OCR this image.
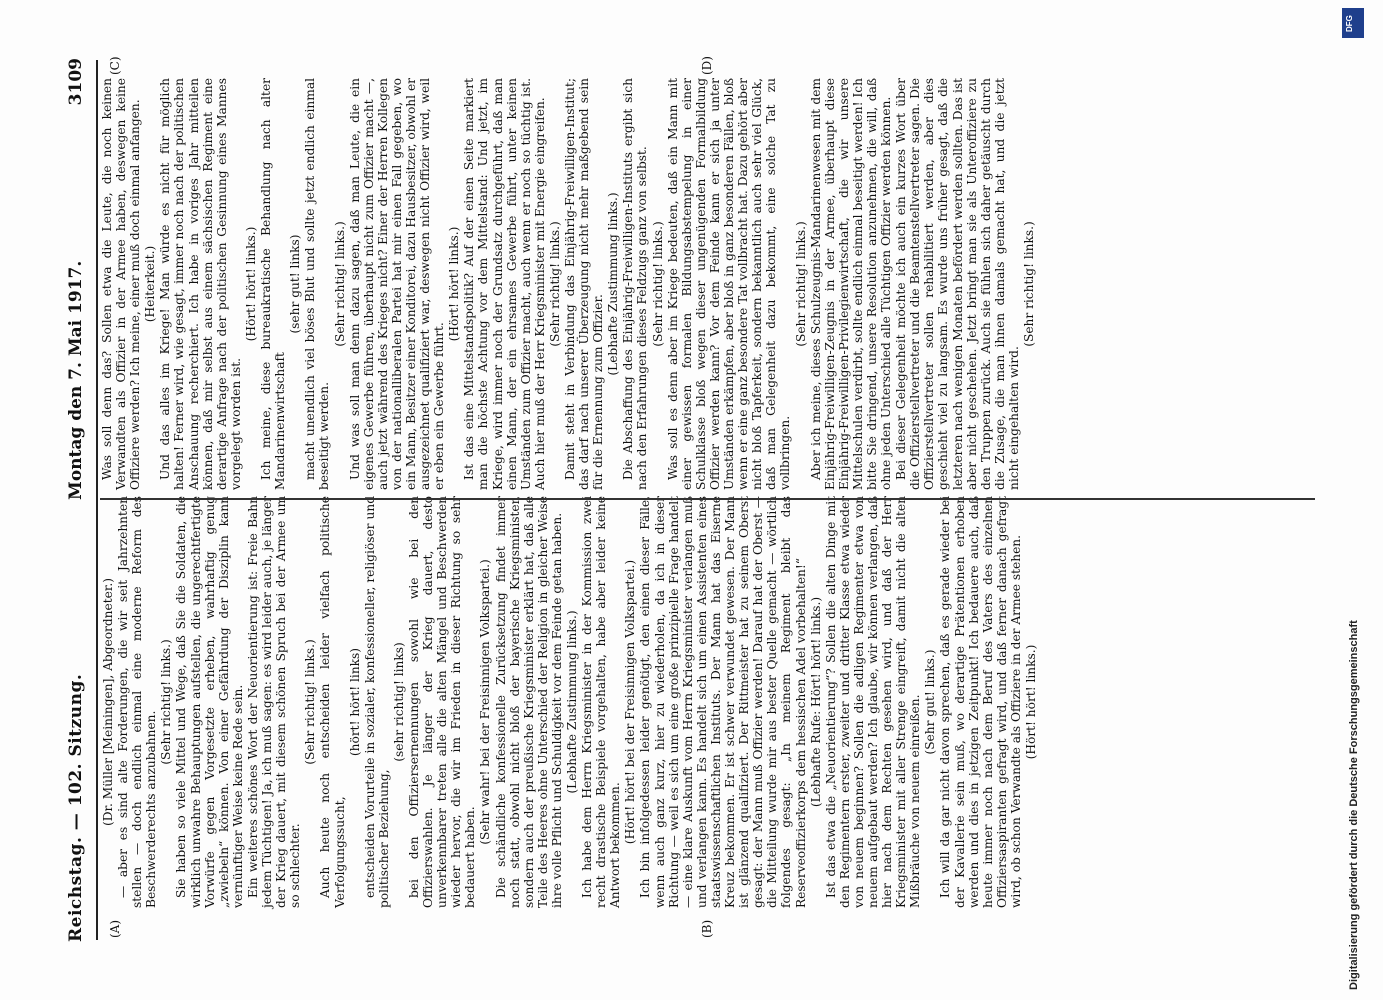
Reichstag. — 102. Sitzung.
Montag den 7. Mai 1917.
3109
(A)	(B)
(C)	(D)

(Dr. Müller [Meiningen], Abgeordneter.) — aber es sind alte Forderungen, die wir seit Jahrzehnten stellen — doch endlich einmal eine moderne Reform des Beschwerderechts anzubahnen.

(Sehr richtig! links.) Sie haben so viele Mittel und Wege, daß Sie die Soldaten, die wirklich unwahre Behauptungen aufstellen, die ungerechtfertigte Vorwürfe gegen Vorgesetzte erheben, wahrhaftig genug „zwiebeln“ können. Von einer Gefährdung der Disziplin kann vernünftiger Weise keine Rede sein. Ein weiteres schönes Wort der Neuorientierung ist: Freie Bahn jedem Tüchtigen! Ja, ich muß sagen: es wird leider auch, je länger der Krieg dauert, mit diesem schönen Spruch bei der Armee um so schlechter.

(Sehr richtig! links.) Auch heute noch entscheiden leider vielfach politische Verfolgungssucht,

(hört! hört! links) entscheiden Vorurteile in sozialer, konfessioneller, religiöser und politischer Beziehung,

(sehr richtig! links) bei den Offiziersernennungen sowohl wie bei den Offizierswahlen. Je länger der Krieg dauert, desto unverkennbarer treten alle die alten Mängel und Beschwerden wieder hervor, die wir im Frieden in dieser Richtung so sehr bedauert haben.

(Sehr wahr! bei der Freisinnigen Volkspartei.) Die schändliche konfessionelle Zurücksetzung findet immer noch statt, obwohl nicht bloß der bayerische Kriegsminister, sondern auch der preußische Kriegsminister erklärt hat, daß alle Teile des Heeres ohne Unterschied der Religion in gleicher Weise ihre volle Pflicht und Schuldigkeit vor dem Feinde getan haben. (Lebhafte Zustimmung links.) Ich habe dem Herrn Kriegsminister in der Kommission zwei recht drastische Beispiele vorgehalten, habe aber leider keine Antwort bekommen.

(Hört! hört! bei der Freisinnigen Volkspartei.) Ich bin infolgedessen leider genötigt, den einen dieser Fälle, wenn auch ganz kurz, hier zu wiederholen, da ich in dieser Richtung — weil es sich um eine große prinzipielle Frage handelt — eine klare Auskunft vom Herrn Kriegsminister verlangen muß und verlangen kann. Es handelt sich um einen Assistenten eines staatswissenschaftlichen Instituts. Der Mann hat das Eiserne Kreuz bekommen. Er ist schwer verwundet gewesen. Der Mann ist glänzend qualifiziert. Der Rittmeister hat zu seinem Oberst gesagt: der Mann muß Offizier werden! Darauf hat der Oberst — die Mitteilung wurde mir aus bester Quelle gemacht — wörtlich folgendes gesagt: „In meinem Regiment bleibt das Reserveoffizierkorps dem hessischen Adel vorbehalten!“ (Lebhafte Rufe: Hört! hört! links.) Ist das etwa die „Neuorientierung“? Sollen die alten Dinge mit den Regimentern erster, zweiter und dritter Klasse etwa wieder von neuem beginnen? Sollen die adligen Regimenter etwa von neuem aufgebaut werden? Ich glaube, wir können verlangen, daß hier nach dem Rechten gesehen wird, und daß der Herr Kriegsminister mit aller Strenge eingreift, damit nicht die alten Mißbräuche von neuem einreißen. (Sehr gut! links.) Ich will da gar nicht davon sprechen, daß es gerade wieder bei der Kavallerie sein muß, wo derartige Prätentionen erhoben werden und dies in jetzigen Zeitpunkt! Ich bedauere auch, daß heute immer noch nach dem Beruf des Vaters des einzelnen Offiziersaspiranten gefragt wird, und daß ferner danach gefragt wird, ob schon Verwandte als Offiziere in der Armee stehen. (Hört! hört! links.)

Was soll denn das? Sollen etwa die Leute, die noch keinen Verwandten als Offizier in der Armee haben, deswegen keine Offiziere werden? Ich meine, einer muß doch einmal anfangen. (Heiterkeit.) Und das alles im Kriege! Man würde es nicht für möglich halten! Ferner wird, wie gesagt, immer noch nach der politischen Anschauung recherchiert. Ich habe in voriges Jahr mitteilen können, daß mir selbst aus einem sächsischen Regiment eine derartige Anfrage nach der politischen Gesinnung eines Mannes vorgelegt worden ist.

(Hört! hört! links.) Ich meine, diese bureaukratische Behandlung nach alter Mandarinenwirtschaft

(sehr gut! links) macht unendlich viel böses Blut und sollte jetzt endlich einmal beseitigt werden.

(Sehr richtig! links.) Und was soll man denn dazu sagen, daß man Leute, die ein eigenes Gewerbe führen, überhaupt nicht zum Offizier macht —, auch jetzt während des Krieges nicht? Einer der Herren Kollegen von der nationalliberalen Partei hat mir einen Fall gegeben, wo ein Mann, Besitzer einer Konditorei, dazu Hausbesitzer, obwohl er ausgezeichnet qualifiziert war, deswegen nicht Offizier wird, weil er eben ein Gewerbe führt.

(Hört! hört! links.) Ist das eine Mittelstandspolitik? Auf der einen Seite markiert man die höchste Achtung vor dem Mittelstand: Und jetzt, im Kriege, wird immer noch der Grundsatz durchgeführt, daß man einen Mann, der ein ehrsames Gewerbe führt, unter keinen Umständen zum Offizier macht, auch wenn er noch so tüchtig ist. Auch hier muß der Herr Kriegsminister mit Energie eingreifen. (Sehr richtig! links.) Damit steht in Verbindung das Einjährig-Freiwilligen-Institut; das darf nach unserer Überzeugung nicht mehr maßgebend sein für die Ernennung zum Offizier.

(Lebhafte Zustimmung links.) Die Abschaffung des Einjährig-Freiwilligen-Instituts ergibt sich nach den Erfahrungen dieses Feldzugs ganz von selbst. (Sehr richtig! links.) Was soll es denn aber im Kriege bedeuten, daß ein Mann mit einer gewissen formalen Bildungsabstempelung in einer Schulklasse bloß wegen dieser ungenügenden Formalbildung Offizier werden kann? Vor dem Feinde kann er sich ja unter Umständen erkämpfen, aber bloß in ganz besonderen Fällen, bloß wenn er eine ganz besondere Tat vollbracht hat. Dazu gehört aber nicht bloß Tapferkeit, sondern bekanntlich auch sehr viel Glück, daß man Gelegenheit dazu bekommt, eine solche Tat zu vollbringen.

(Sehr richtig! links.) Aber ich meine, dieses Schulzeugnis-Mandarinenwesen mit dem Einjährig-Freiwilligen-Zeugnis in der Armee, überhaupt diese Einjährig-Freiwilligen-Privilegienwirtschaft, die wir unsere Mittelschulen verdirbt, sollte endlich einmal beseitigt werden! Ich bitte Sie dringend, unsere Resolution anzunehmen, die will, daß ohne jeden Unterschied alle Tüchtigen Offizier werden können. Bei dieser Gelegenheit möchte ich auch ein kurzes Wort über die Offizierstellvertreter und die Beamtenstellvertreter sagen. Die Offizierstellvertreter sollen rehabilitiert werden, aber dies geschieht viel zu langsam. Es wurde uns früher gesagt, daß die letzteren nach wenigen Monaten befördert werden sollten. Das ist aber nicht geschehen. Jetzt bringt man sie als Unteroffiziere zu den Truppen zurück. Auch sie fühlen sich daher getäuscht durch die Zusage, die man ihnen damals gemacht hat, und die jetzt nicht eingehalten wird.

(Sehr richtig! links.)

DFG
Digitalisierung gefördert durch die Deutsche Forschungsgemeinschaft
